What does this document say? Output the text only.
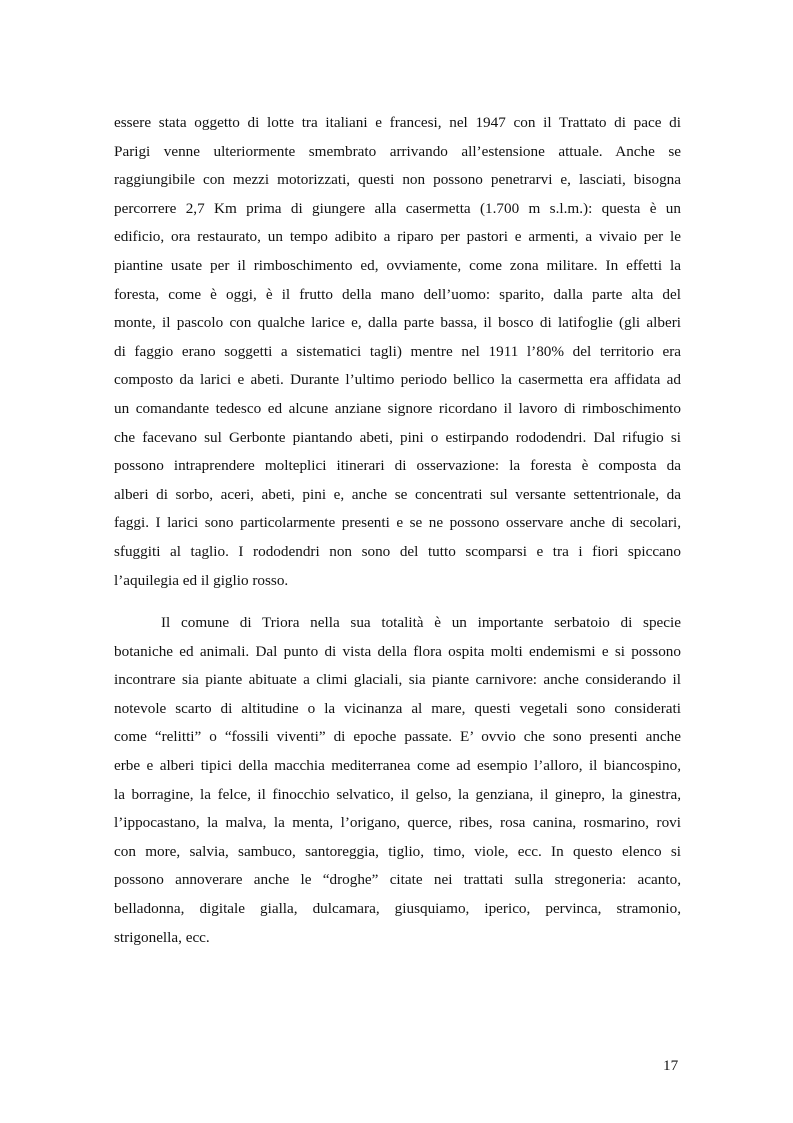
essere stata oggetto di lotte tra italiani e francesi, nel 1947 con il Trattato di pace di
Parigi venne ulteriormente smembrato arrivando all’estensione attuale. Anche se
raggiungibile con mezzi motorizzati, questi non possono penetrarvi e, lasciati, bisogna
percorrere 2,7 Km prima di giungere alla casermetta (1.700 m s.l.m.): questa è un
edificio, ora restaurato, un tempo adibito a riparo per pastori e armenti, a vivaio per le
piantine usate per il rimboschimento ed, ovviamente, come zona militare. In effetti la
foresta, come è oggi, è il frutto della mano dell’uomo: sparito, dalla parte alta del
monte, il pascolo con qualche larice e, dalla parte bassa, il bosco di latifoglie (gli alberi
di faggio erano soggetti a sistematici tagli) mentre nel 1911 l’80% del territorio era
composto da larici e abeti. Durante l’ultimo periodo bellico la casermetta era affidata ad
un comandante tedesco ed alcune anziane signore ricordano il lavoro di rimboschimento
che facevano sul Gerbonte piantando abeti, pini o estirpando rododendri. Dal rifugio si
possono intraprendere molteplici itinerari di osservazione: la foresta è composta da
alberi di sorbo, aceri, abeti, pini e, anche se concentrati sul versante settentrionale, da
faggi. I larici sono particolarmente presenti e se ne possono osservare anche di secolari,
sfuggiti al taglio. I rododendri non sono del tutto scomparsi e tra i fiori spiccano
l’aquilegia ed il giglio rosso.
Il comune di Triora nella sua totalità è un importante serbatoio di specie
botaniche ed animali. Dal punto di vista della flora ospita molti endemismi e si possono
incontrare sia piante abituate a climi glaciali, sia piante carnivore: anche considerando il
notevole scarto di altitudine o la vicinanza al mare, questi vegetali sono considerati
come “relitti” o “fossili viventi” di epoche passate. E’ ovvio che sono presenti anche
erbe e alberi tipici della macchia mediterranea come ad esempio l’alloro, il biancospino,
la borragine, la felce, il finocchio selvatico, il gelso, la genziana, il ginepro, la ginestra,
l’ippocastano, la malva, la menta, l’origano, querce, ribes, rosa canina, rosmarino, rovi
con more, salvia, sambuco, santoreggia, tiglio, timo, viole, ecc. In questo elenco si
possono annoverare anche le “droghe” citate nei trattati sulla stregoneria: acanto,
belladonna, digitale gialla, dulcamara, giusquiamo, iperico, pervinca, stramonio,
strigonella, ecc.
17
